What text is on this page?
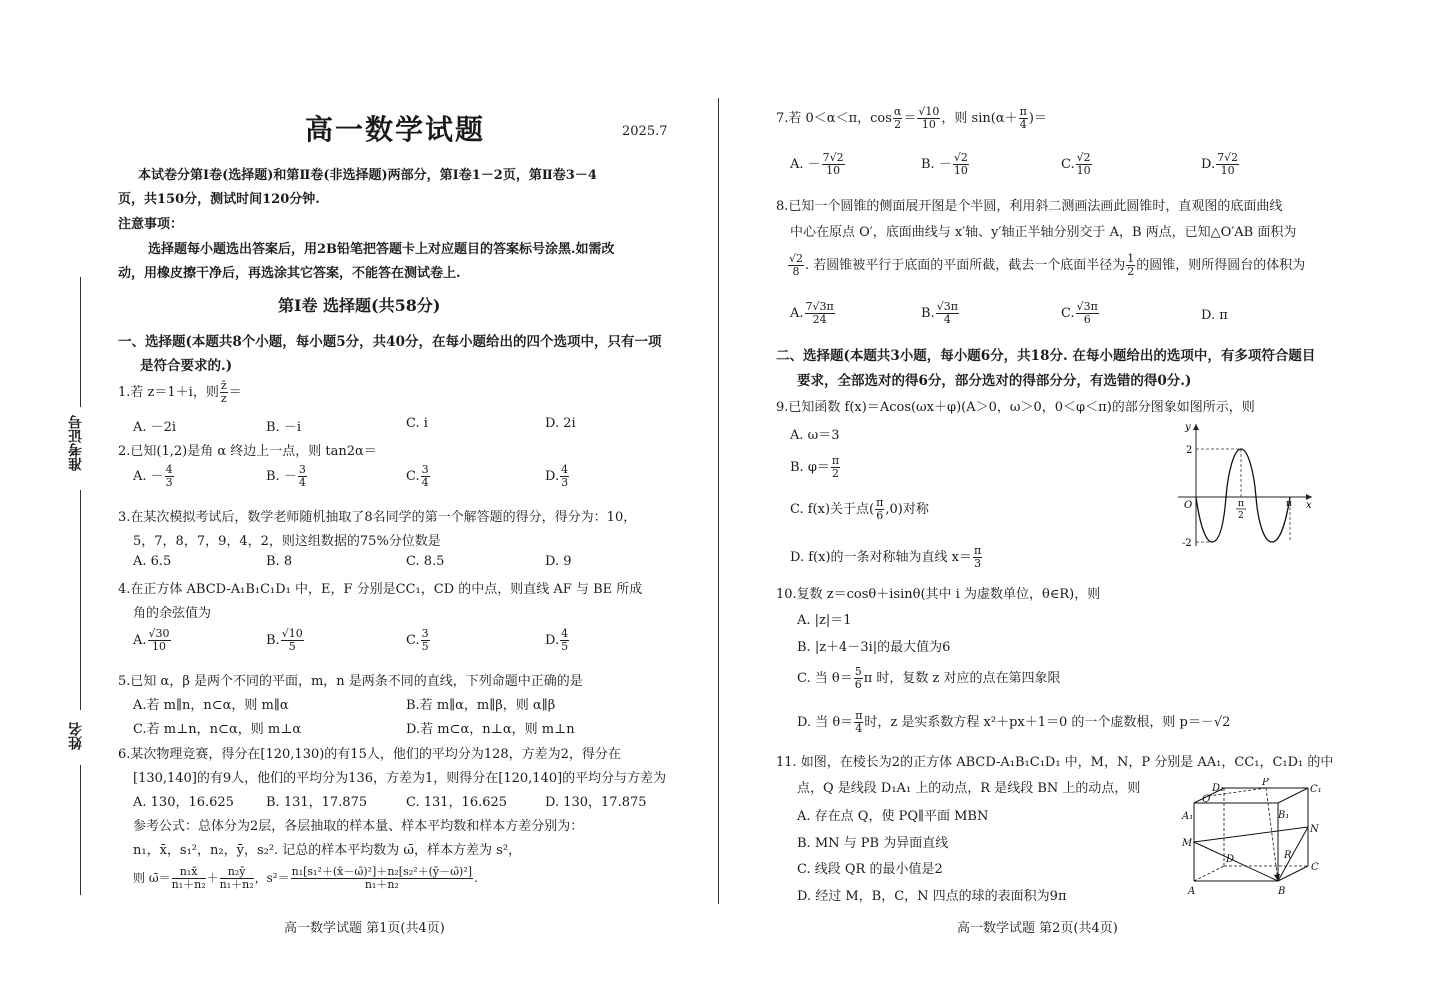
高一数学试题	2025.7
本试卷分第Ⅰ卷(选择题)和第Ⅱ卷(非选择题)两部分，第Ⅰ卷1－2页，第Ⅱ卷3－4
页，共150分，测试时间120分钟.
注意事项：
选择题每小题选出答案后，用2B铅笔把答题卡上对应题目的答案标号涂黑.如需改
动，用橡皮擦干净后，再选涂其它答案，不能答在测试卷上.
第Ⅰ卷 选择题(共58分)
一、选择题(本题共8个小题，每小题5分，共40分，在每小题给出的四个选项中，只有一项
是符合要求的.)
1.若 z＝1＋i，则 $\frac{z̄}{z}$ ＝
A. －2i	B. －i	C. i	D. 2i
2.已知(1,2)是角 α 终边上一点，则 tan2α＝
A. － $\frac{4}{3}$	B. － $\frac{3}{4}$	C. $\frac{3}{4}$	D. $\frac{4}{3}$
3.在某次模拟考试后，数学老师随机抽取了8名同学的第一个解答题的得分，得分为：10，
5，7，8，7，9，4，2，则这组数据的75%分位数是
A. 6.5	B. 8	C. 8.5	D. 9
4.在正方体 ABCD-A₁B₁C₁D₁ 中，E，F 分别是CC₁，CD 的中点，则直线 AF 与 BE 所成
角的余弦值为
A. $\frac{√30}{10}$	B. $\frac{√10}{5}$	C. $\frac{3}{5}$	D. $\frac{4}{5}$
5.已知 α，β 是两个不同的平面，m，n 是两条不同的直线，下列命题中正确的是
A.若 m∥n，n⊂α，则 m∥α	B.若 m∥α，m∥β，则 α∥β
C.若 m⊥n，n⊂α，则 m⊥α	D.若 m⊂α，n⊥α，则 m⊥n
6.某次物理竞赛，得分在[120,130)的有15人，他们的平均分为128，方差为2，得分在
[130,140]的有9人，他们的平均分为136，方差为1，则得分在[120,140]的平均分与方差为
A. 130，16.625 B. 131，17.875	C. 131，16.625	D. 130，17.875
参考公式：总体分为2层，各层抽取的样本量、样本平均数和样本方差分别为：
n₁，x̄，s₁²，n₂，ȳ，s₂². 记总的样本平均数为 ω̄，样本方差为 s²，
则 ω̄＝ $\frac{\text{n₁x̄}}{\text{n₁＋n₂}} + \frac{\text{n₂ȳ}}{\text{n₁＋n₂}}$ ，$s^2= \frac{\text{n₁[s₁²＋(x̄－ω̄)²]＋n₂[s₂²＋(ȳ－ω̄)²]}}{\text{n₁＋n₂}}$ .
高一数学试题 第1页(共4页)
准考证号
姓名
7.若 0＜α＜π，$\cos \frac{\alpha}{2} = \frac{√10}{10}$ ，则 $\sin(\alpha+ \frac{\pi}{4}$ )＝
A. － $\frac{7√2}{10}$	B. － $\frac{√2}{10}$	C. $\frac{√2}{10}$	D. $\frac{7√2}{10}$
8.已知一个圆锥的侧面展开图是个半圆，利用斜二测画法画此圆锥时，直观图的底面曲线
中心在原点 O′，底面曲线与 x′轴、y′轴正半轴分别交于 A，B 两点，已知△O′AB 面积为
$\frac{√2}{8}$ . 若圆锥被平行于底面的平面所截，截去一个底面半径为 $\frac{1}{2}$ 的圆锥，则所得圆台的体积为
A. $\frac{7√3\pi}{24}$	B. $\frac{√3\pi}{4}$	C. $\frac{√3\pi}{6}$	D. π
二、选择题(本题共3小题，每小题6分，共18分. 在每小题给出的选项中，有多项符合题目
要求，全部选对的得6分，部分选对的得部分分，有选错的得0分.)
9.已知函数 f(x)＝Acos(ωx＋φ)(A＞0，ω＞0，0＜φ＜π)的部分图象如图所示，则
A. ω＝3
B. $\varphi= \frac{\pi}{2}$
C. f(x)关于点( $\frac{\pi}{6} ,0$)对称
D. f(x)的一条对称轴为直线 $x= \frac{\pi}{3}$
y
x
O
2
-2
π
2
π
10.复数 z＝cosθ＋isinθ(其中 i 为虚数单位，θ∈R)，则
A. |z|＝1
B. |z＋4－3i|的最大值为6
C. 当 $\theta= \frac{5}{6}$ π 时，复数 z 对应的点在第四象限
D. 当 $\theta= \frac{\pi}{4}$ 时，z 是实系数方程 x²＋px＋1＝0 的一个虚数根，则 p＝－√2
11. 如图，在棱长为2的正方体 ABCD-A₁B₁C₁D₁ 中，M，N，P 分别是 AA₁，CC₁，C₁D₁ 的中
点，Q 是线段 D₁A₁ 上的动点，R 是线段 BN 上的动点，则
A. 存在点 Q，使 PQ∥平面 MBN
B. MN 与 PB 为异面直线
C. 线段 QR 的最小值是2
D. 经过 M，B，C，N 四点的球的表面积为9π
D₁
P
C₁
Q
A₁	B₁
N
M
D	R
C
A	B
高一数学试题 第2页(共4页)
